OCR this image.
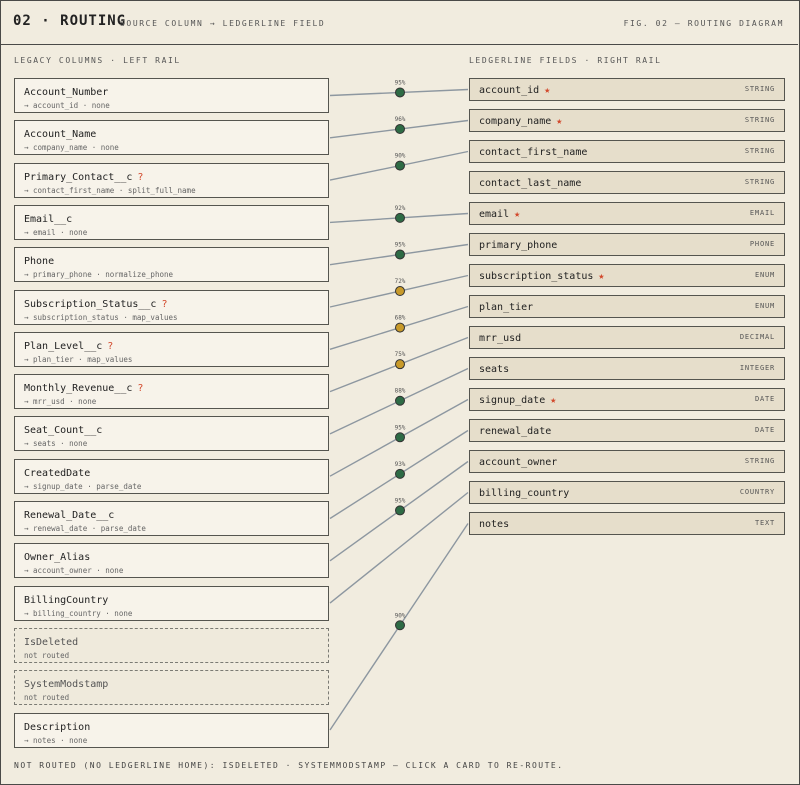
02 · ROUTING
SOURCE COLUMN → LEDGERLINE FIELD	FIG. 02 — ROUTING DIAGRAM
LEGACY COLUMNS · LEFT RAIL	LEDGERLINE FIELDS · RIGHT RAIL
95%
96%
90%
92%
95%
72%
68%
75%
88%
95%
93%
95%
90%
Account_Number
→ account_id · none
Account_Name
→ company_name · none
Primary_Contact__c ?
→ contact_first_name · split_full_name
Email__c
→ email · none
Phone
→ primary_phone · normalize_phone
Subscription_Status__c ?
→ subscription_status · map_values
Plan_Level__c ?
→ plan_tier · map_values
Monthly_Revenue__c ?
→ mrr_usd · none
Seat_Count__c
→ seats · none
CreatedDate
→ signup_date · parse_date
Renewal_Date__c
→ renewal_date · parse_date
Owner_Alias
→ account_owner · none
BillingCountry
→ billing_country · none
IsDeleted
not routed
SystemModstamp
not routed
Description
→ notes · none
account_id ★	STRING
company_name ★	STRING
contact_first_name	STRING
contact_last_name	STRING
email ★	EMAIL
primary_phone	PHONE
subscription_status ★	ENUM
plan_tier	ENUM
mrr_usd	DECIMAL
seats	INTEGER
signup_date ★	DATE
renewal_date	DATE
account_owner	STRING
billing_country	COUNTRY
notes	TEXT
NOT ROUTED (NO LEDGERLINE HOME): ISDELETED · SYSTEMMODSTAMP — CLICK A CARD TO RE-ROUTE.
